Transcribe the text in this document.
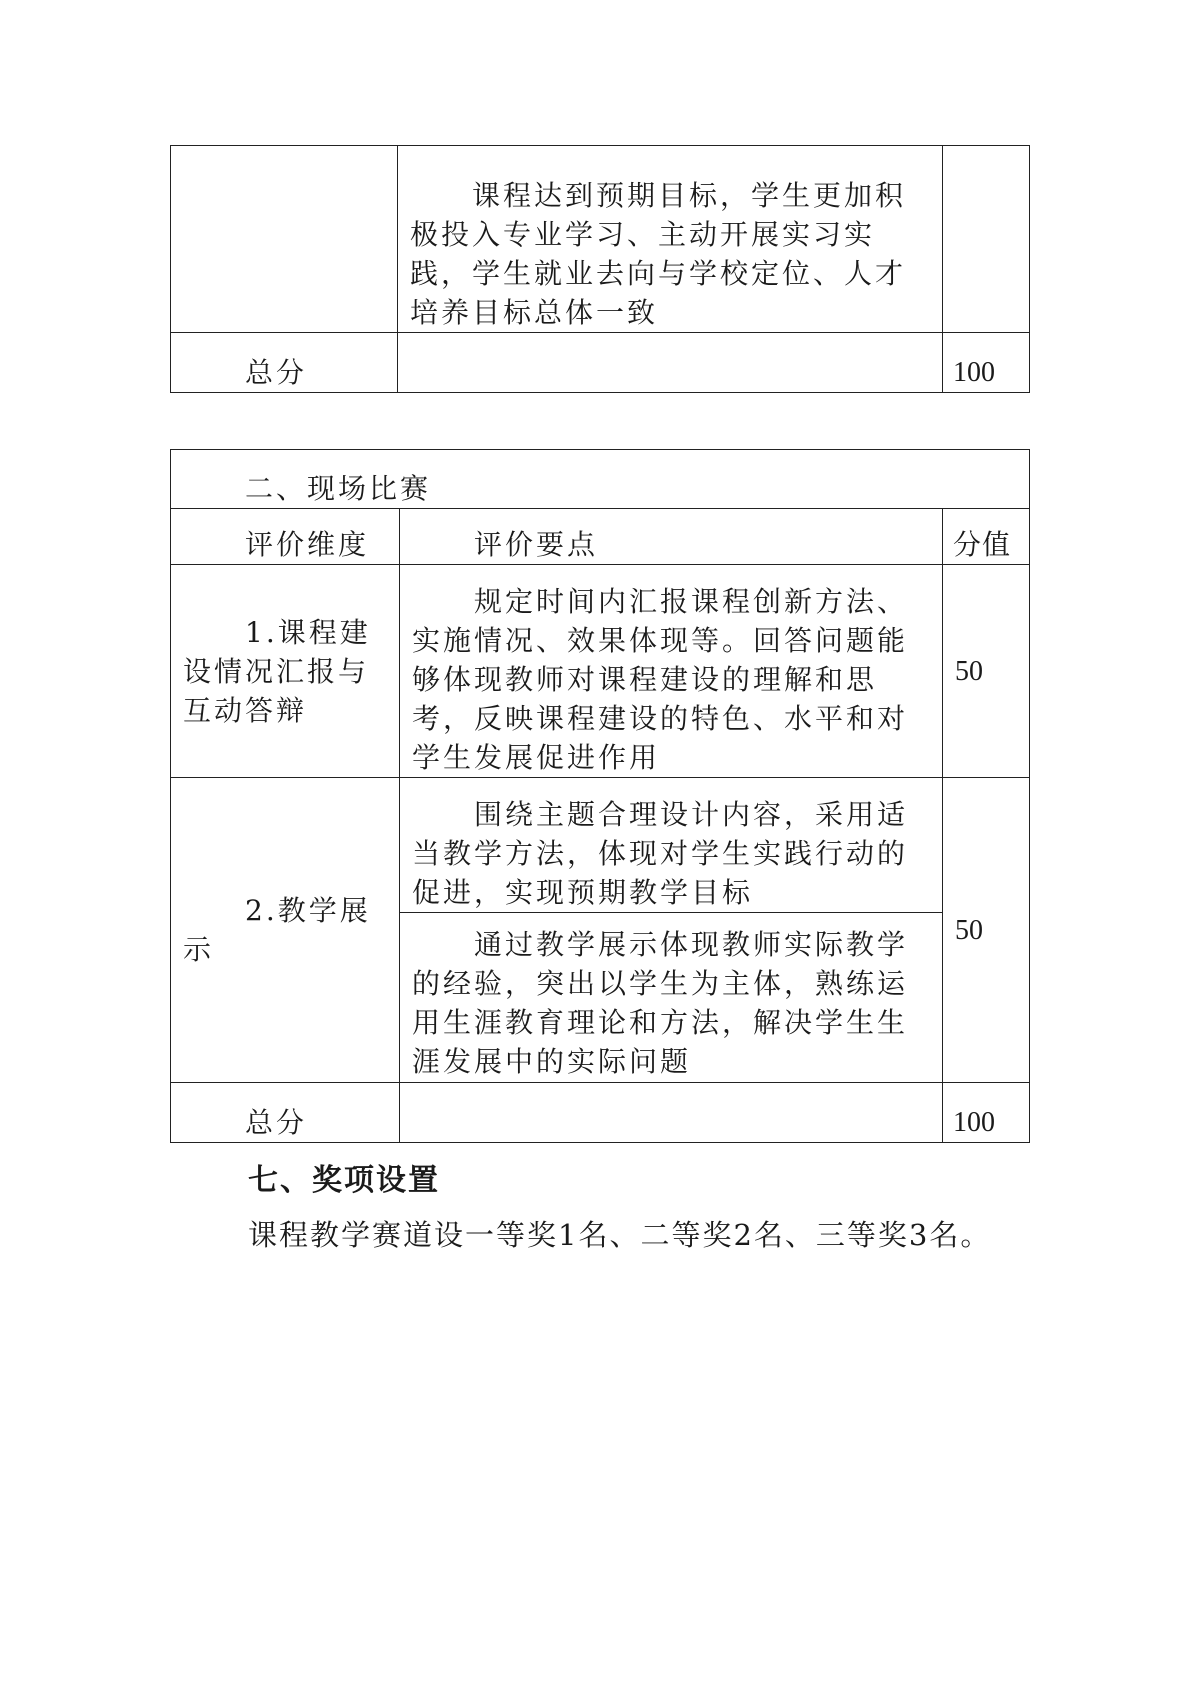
	　　课程达到预期目标，学生更加积极投入专业学习、主动开展实习实践，学生就业去向与学校定位、人才培养目标总体一致	

　　总分		100
　　二、现场比赛		

　　评价维度	　　评价要点	分值

　　1.课程建设情况汇报与互动答辩	　　规定时间内汇报课程创新方法、实施情况、效果体现等。回答问题能够体现教师对课程建设的理解和思考，反映课程建设的特色、水平和对学生发展促进作用	50

　　2.教学展示	　　围绕主题合理设计内容，采用适当教学方法，体现对学生实践行动的促进，实现预期教学目标	50

	　　通过教学展示体现教师实际教学的经验，突出以学生为主体，熟练运用生涯教育理论和方法，解决学生生涯发展中的实际问题	

　　总分		100
七、奖项设置
课程教学赛道设一等奖1名、二等奖2名、三等奖3名。
